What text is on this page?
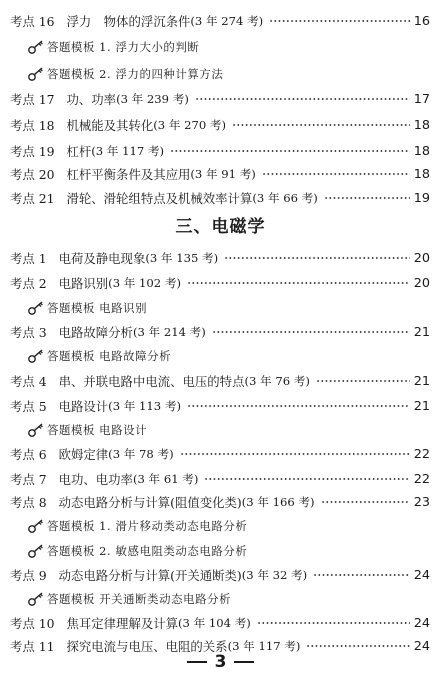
考点 16 浮力　物体的浮沉条件 (3 年 274 考)	16
答题模板 1. 浮力大小的判断
答题模板 2. 浮力的四种计算方法
考点 17 功、功率 (3 年 239 考)	17
考点 18 机械能及其转化 (3 年 270 考)	18
考点 19 杠杆 (3 年 117 考)	18
考点 20 杠杆平衡条件及其应用 (3 年 91 考)	18
考点 21 滑轮、滑轮组特点及机械效率计算 (3 年 66 考)	19
三、电磁学
考点 1 电荷及静电现象 (3 年 135 考)	20
考点 2 电路识别 (3 年 102 考)	20
答题模板 电路识别
考点 3 电路故障分析 (3 年 214 考)	21
答题模板 电路故障分析
考点 4 串、并联电路中电流、电压的特点 (3 年 76 考)	21
考点 5 电路设计 (3 年 113 考)	21
答题模板 电路设计
考点 6 欧姆定律 (3 年 78 考)	22
考点 7 电功、电功率 (3 年 61 考)	22
考点 8 动态电路分析与计算(阻值变化类) (3 年 166 考)	23
答题模板 1. 滑片移动类动态电路分析
答题模板 2. 敏感电阻类动态电路分析
考点 9 动态电路分析与计算(开关通断类) (3 年 32 考)	24
答题模板 开关通断类动态电路分析
考点 10 焦耳定律理解及计算 (3 年 104 考)	24
考点 11 探究电流与电压、电阻的关系 (3 年 117 考)	24
3
